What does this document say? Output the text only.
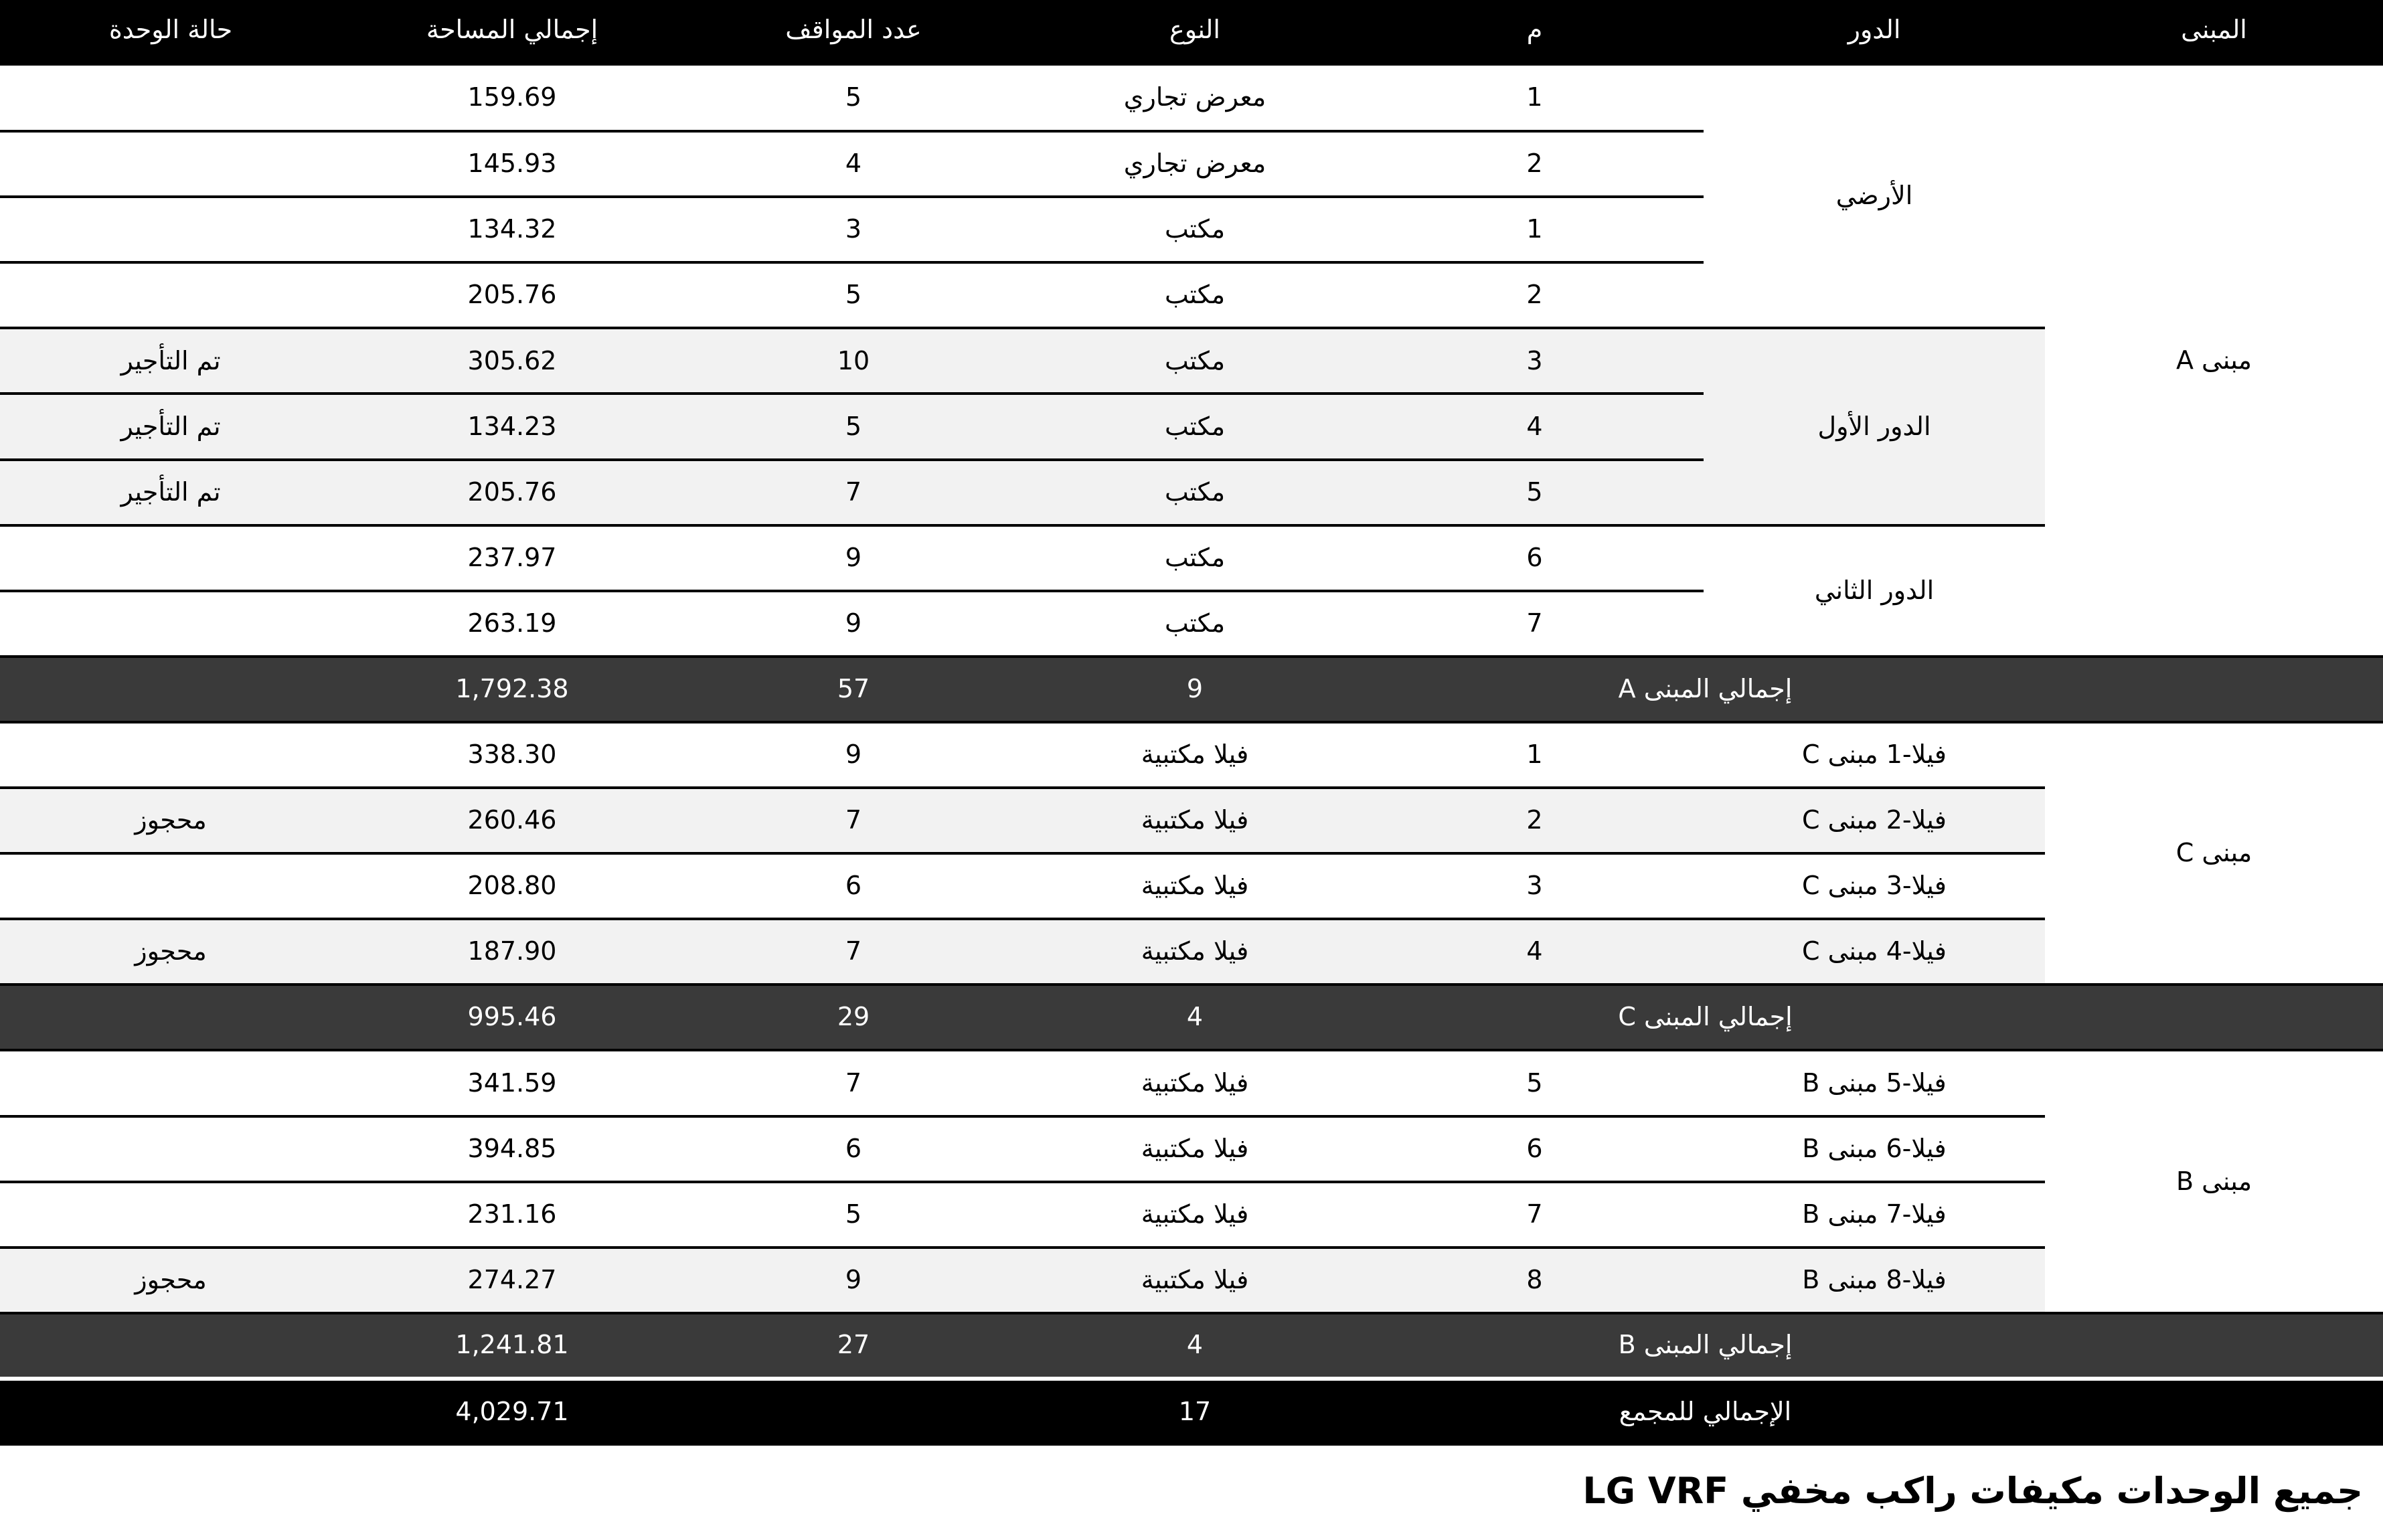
المبنى	الدور	م	النوع	عدد المواقف	إجمالي المساحة	حالة الوحدة
مبنى A	الأرضي	1	معرض تجاري	5	159.69	
		2	معرض تجاري	4	145.93	
		1	مكتب	3	134.32	
		2	مكتب	5	205.76	
	الدور الأول	3	مكتب	10	305.62	تم التأجير
		4	مكتب	5	134.23	تم التأجير
		5	مكتب	7	205.76	تم التأجير
	الدور الثاني	6	مكتب	9	237.97	
		7	مكتب	9	263.19	
	إجمالي المبنى A		9	57	1,792.38	
مبنى C	فيلا-1 مبنى C	1	فيلا مكتبية	9	338.30	
	فيلا-2 مبنى C	2	فيلا مكتبية	7	260.46	محجوز
	فيلا-3 مبنى C	3	فيلا مكتبية	6	208.80	
	فيلا-4 مبنى C	4	فيلا مكتبية	7	187.90	محجوز
	إجمالي المبنى C		4	29	995.46	
مبنى B	فيلا-5 مبنى B	5	فيلا مكتبية	7	341.59	
	فيلا-6 مبنى B	6	فيلا مكتبية	6	394.85	
	فيلا-7 مبنى B	7	فيلا مكتبية	5	231.16	
	فيلا-8 مبنى B	8	فيلا مكتبية	9	274.27	محجوز
	إجمالي المبنى B		4	27	1,241.81	
	الإجمالي للمجمع		17		4,029.71	

جميع الوحدات مكيفات راكب مخفي LG VRF
